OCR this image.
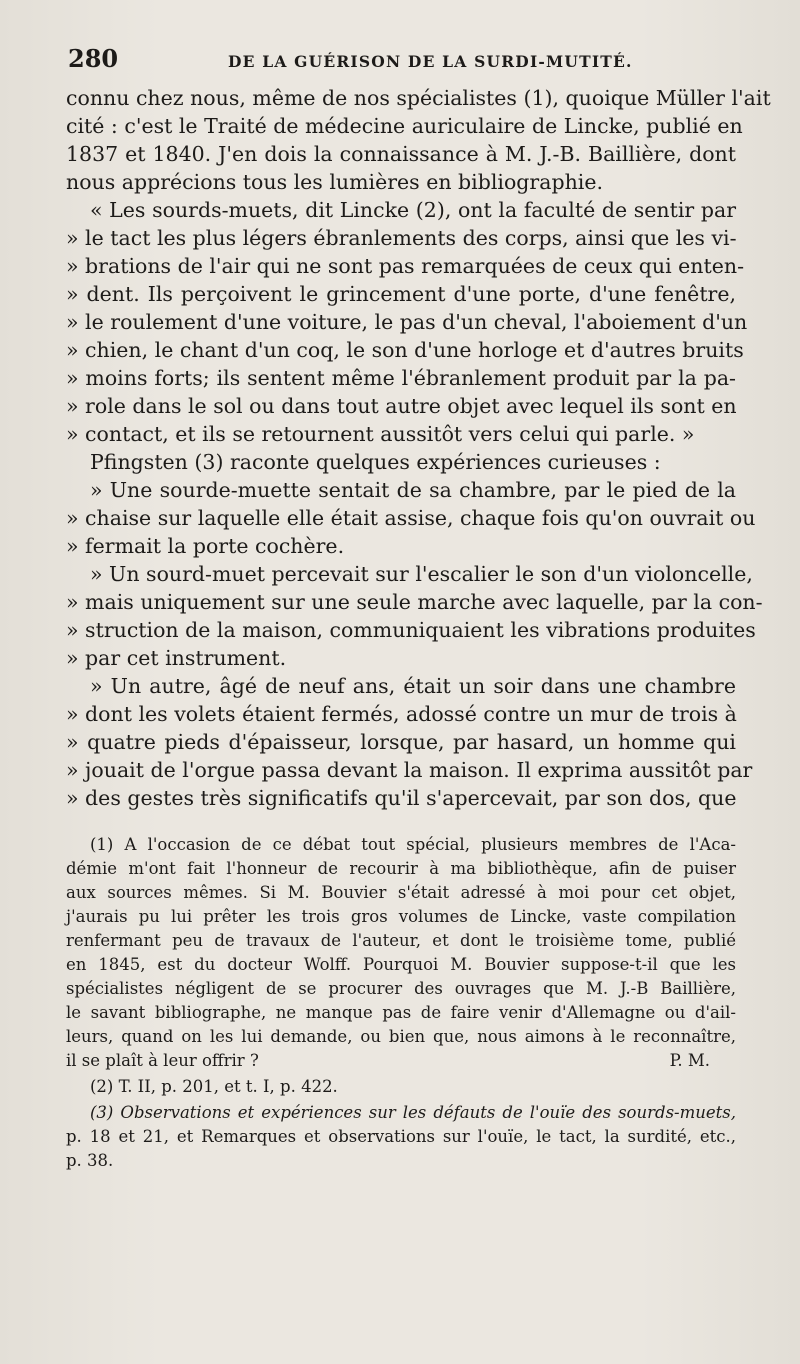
280	DE LA GUÉRISON DE LA SURDI-MUTITÉ.
connu chez nous, même de nos spécialistes (1), quoique Müller l'ait
cité : c'est le Traité de médecine auriculaire de Lincke, publié en
1837 et 1840. J'en dois la connaissance à M. J.-B. Baillière, dont
nous apprécions tous les lumières en bibliographie.
« Les sourds-muets, dit Lincke (2), ont la faculté de sentir par
» le tact les plus légers ébranlements des corps, ainsi que les vi-
» brations de l'air qui ne sont pas remarquées de ceux qui enten-
» dent. Ils perçoivent le grincement d'une porte, d'une fenêtre,
» le roulement d'une voiture, le pas d'un cheval, l'aboiement d'un
» chien, le chant d'un coq, le son d'une horloge et d'autres bruits
» moins forts; ils sentent même l'ébranlement produit par la pa-
» role dans le sol ou dans tout autre objet avec lequel ils sont en
» contact, et ils se retournent aussitôt vers celui qui parle. »
Pfingsten (3) raconte quelques expériences curieuses :
» Une sourde-muette sentait de sa chambre, par le pied de la
» chaise sur laquelle elle était assise, chaque fois qu'on ouvrait ou
» fermait la porte cochère.
» Un sourd-muet percevait sur l'escalier le son d'un violoncelle,
» mais uniquement sur une seule marche avec laquelle, par la con-
» struction de la maison, communiquaient les vibrations produites
» par cet instrument.
» Un autre, âgé de neuf ans, était un soir dans une chambre
» dont les volets étaient fermés, adossé contre un mur de trois à
» quatre pieds d'épaisseur, lorsque, par hasard, un homme qui
» jouait de l'orgue passa devant la maison. Il exprima aussitôt par
» des gestes très significatifs qu'il s'apercevait, par son dos, que
(1) A l'occasion de ce débat tout spécial, plusieurs membres de l'Aca-
démie m'ont fait l'honneur de recourir à ma bibliothèque, afin de puiser
aux sources mêmes. Si M. Bouvier s'était adressé à moi pour cet objet,
j'aurais pu lui prêter les trois gros volumes de Lincke, vaste compilation
renfermant peu de travaux de l'auteur, et dont le troisième tome, publié
en 1845, est du docteur Wolff. Pourquoi M. Bouvier suppose-t-il que les
spécialistes négligent de se procurer des ouvrages que M. J.-B Baillière,
le savant bibliographe, ne manque pas de faire venir d'Allemagne ou d'ail-
leurs, quand on les lui demande, ou bien que, nous aimons à le reconnaître,
il se plaît à leur offrir ?	P. M.
(2) T. II, p. 201, et t. I, p. 422.
(3) Observations et expériences sur les défauts de l'ouïe des sourds-muets,
p. 18 et 21, et Remarques et observations sur l'ouïe, le tact, la surdité, etc.,
p. 38.
